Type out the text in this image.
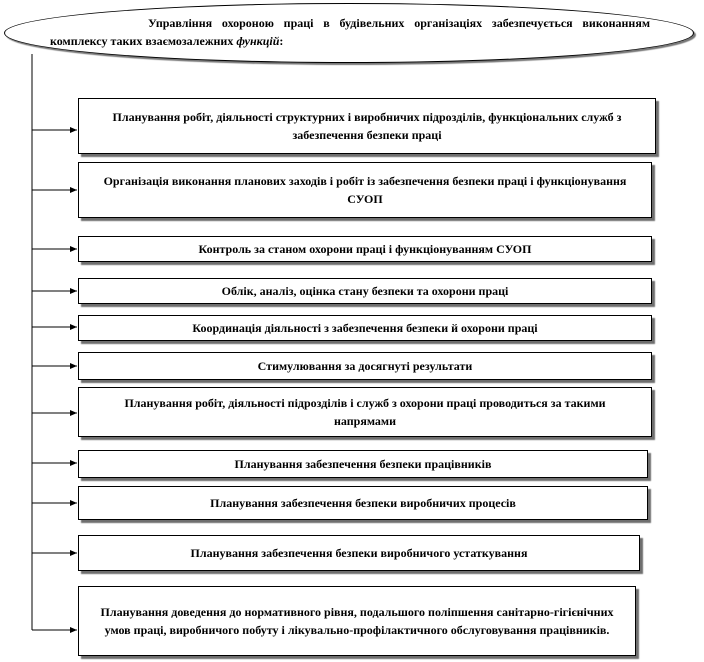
Управління охороною праці в будівельних організаціях забезпечується виконанням комплексу таких взаємозалежних функцій:
Планування робіт, діяльності структурних і виробничих підрозділів, функціональних служб з забезпечення безпеки праці
Організація виконання планових заходів і робіт із забезпечення безпеки праці і функціонування СУОП
Контроль за станом охорони праці і функціонуванням СУОП
Облік, аналіз, оцінка стану безпеки та охорони праці
Координація діяльності з забезпечення безпеки й охорони праці
Стимулювання за досягнуті результати
Планування робіт, діяльності підрозділів і служб з охорони праці проводиться за такими напрямами
Планування забезпечення безпеки працівників
Планування забезпечення безпеки виробничих процесів
Планування забезпечення безпеки виробничого устаткування
Планування доведення до нормативного рівня, подальшого поліпшення санітарно-гігієнічних умов праці, виробничого побуту і лікувально-профілактичного обслуговування працівників.
